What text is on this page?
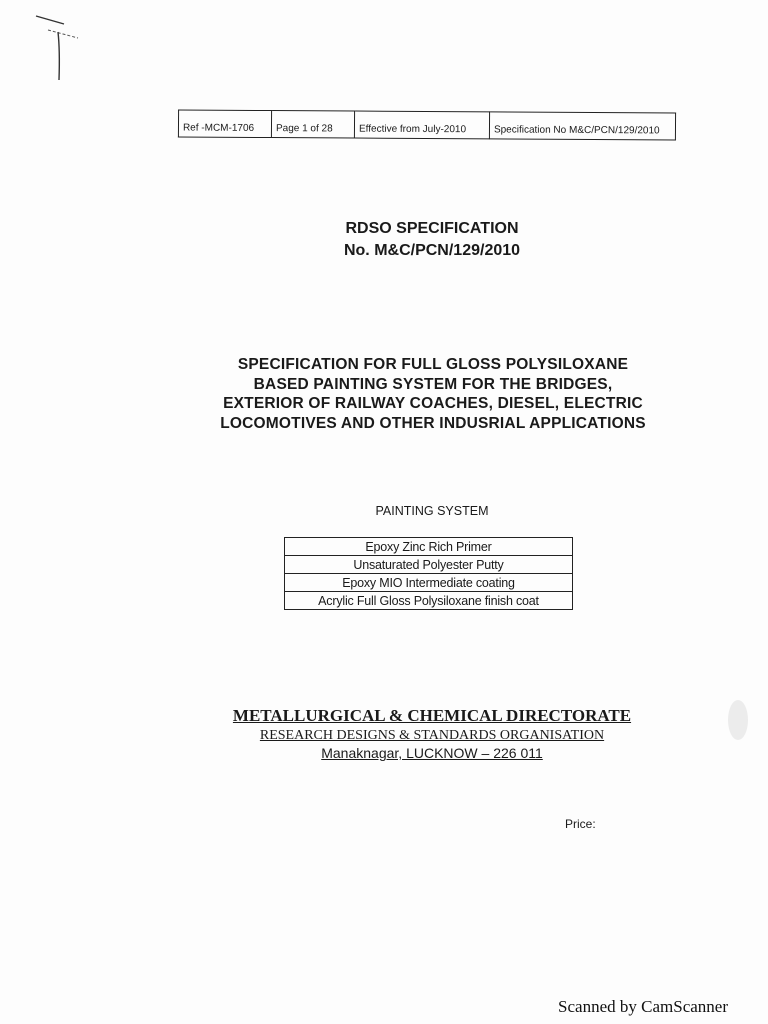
Ref -MCM-1706	Page 1 of 28	Effective from July-2010	Specification No M&C/PCN/129/2010
RDSO SPECIFICATION
No. M&C/PCN/129/2010
SPECIFICATION FOR FULL GLOSS POLYSILOXANE
BASED PAINTING SYSTEM FOR THE BRIDGES,
EXTERIOR OF RAILWAY COACHES, DIESEL, ELECTRIC
LOCOMOTIVES AND OTHER INDUSRIAL APPLICATIONS
PAINTING SYSTEM
Epoxy Zinc Rich Primer
Unsaturated Polyester Putty
Epoxy MIO Intermediate coating
Acrylic Full Gloss Polysiloxane finish coat
METALLURGICAL & CHEMICAL DIRECTORATE
RESEARCH DESIGNS & STANDARDS ORGANISATION
Manaknagar, LUCKNOW – 226 011
Price:
Scanned by CamScanner
